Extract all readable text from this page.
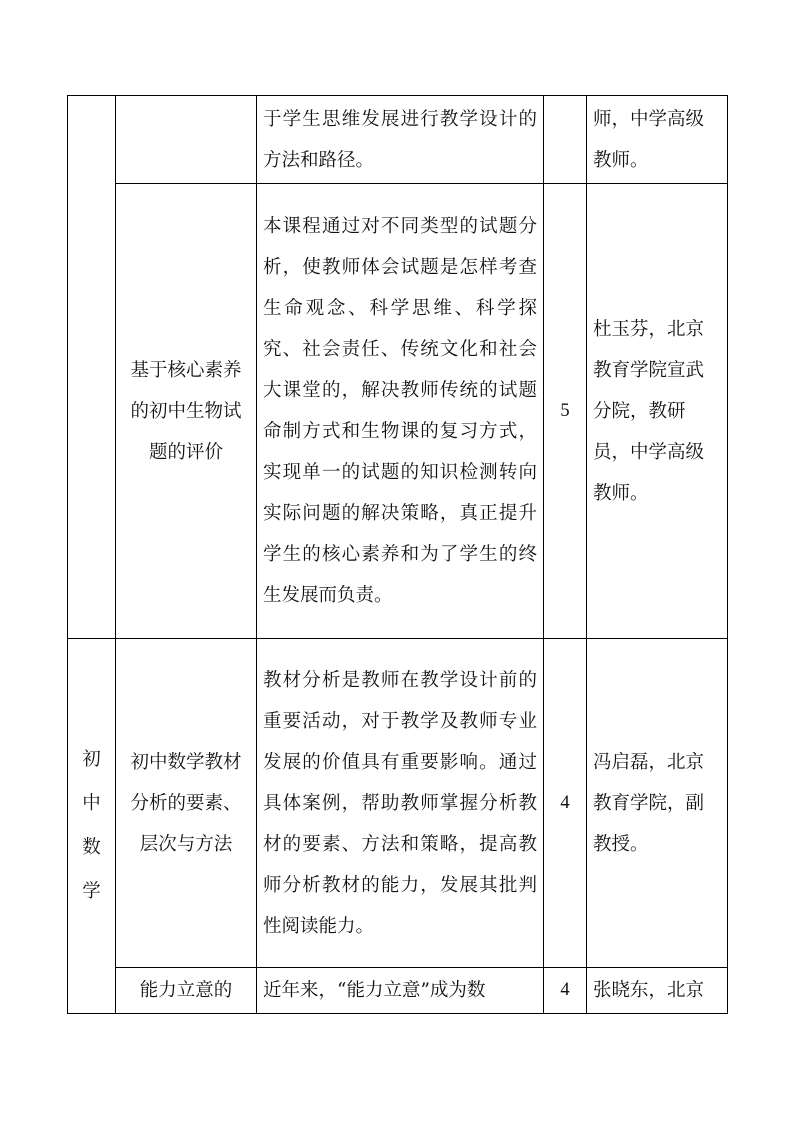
		于学生思维发展进行教学设计的方法和路径。		师，中学高级教师。
	基于核心素养的初中生物试题的评价	本课程通过对不同类型的试题分析，使教师体会试题是怎样考查生命观念、科学思维、科学探究、社会责任、传统文化和社会大课堂的，解决教师传统的试题命制方式和生物课的复习方式，实现单一的试题的知识检测转向实际问题的解决策略，真正提升学生的核心素养和为了学生的终生发展而负责。	5	杜玉芬，北京教育学院宣武分院，教研员，中学高级教师。
初中数学	初中数学教材分析的要素、层次与方法	教材分析是教师在教学设计前的重要活动，对于教学及教师专业发展的价值具有重要影响。通过具体案例，帮助教师掌握分析教材的要素、方法和策略，提高教师分析教材的能力，发展其批判性阅读能力。	4	冯启磊，北京教育学院，副教授。
	能力立意的	近年来，“能力立意”成为数	4	张晓东，北京
